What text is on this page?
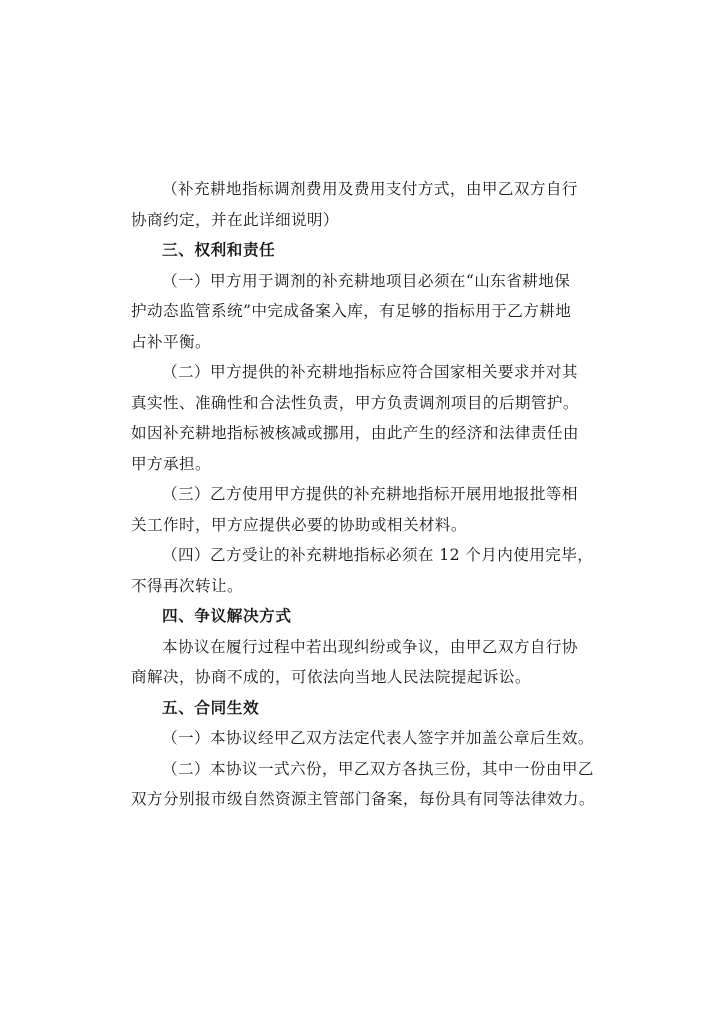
（补充耕地指标调剂费用及费用支付方式，由甲乙双方自行
协商约定，并在此详细说明）
三、权利和责任
（一）甲方用于调剂的补充耕地项目必须在“山东省耕地保
护动态监管系统”中完成备案入库，有足够的指标用于乙方耕地
占补平衡。
（二）甲方提供的补充耕地指标应符合国家相关要求并对其
真实性、准确性和合法性负责，甲方负责调剂项目的后期管护。
如因补充耕地指标被核减或挪用，由此产生的经济和法律责任由
甲方承担。
（三）乙方使用甲方提供的补充耕地指标开展用地报批等相
关工作时，甲方应提供必要的协助或相关材料。
（四）乙方受让的补充耕地指标必须在 12 个月内使用完毕，
不得再次转让。
四、争议解决方式
本协议在履行过程中若出现纠纷或争议，由甲乙双方自行协
商解决，协商不成的，可依法向当地人民法院提起诉讼。
五、合同生效
（一）本协议经甲乙双方法定代表人签字并加盖公章后生效。
（二）本协议一式六份，甲乙双方各执三份，其中一份由甲乙
双方分别报市级自然资源主管部门备案，每份具有同等法律效力。
